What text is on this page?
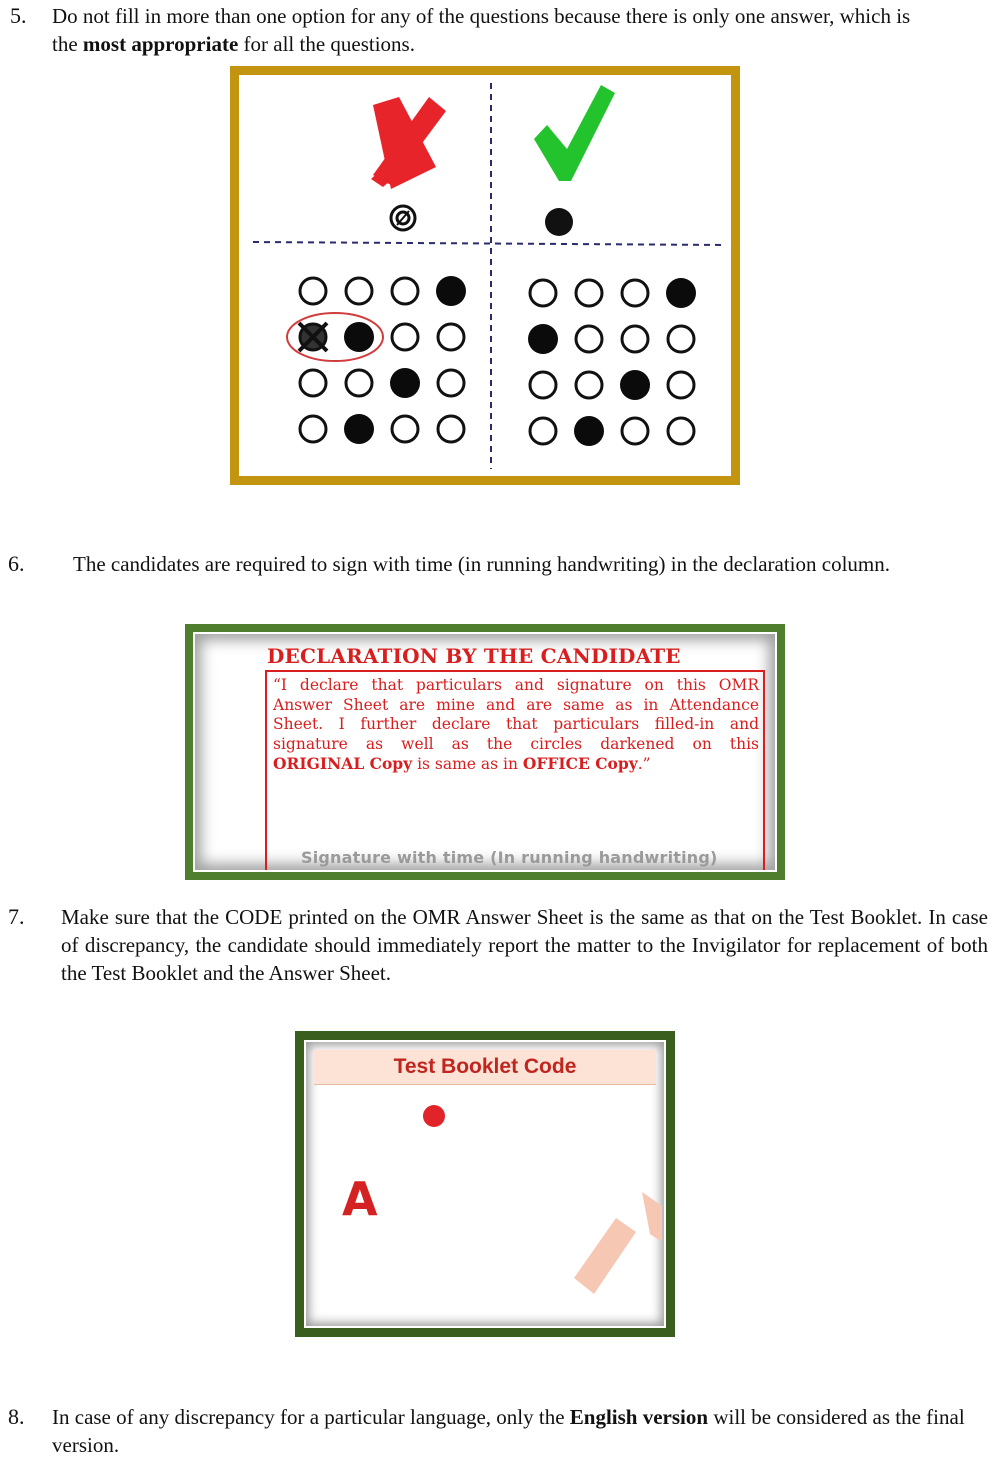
5. Do not fill in more than one option for any of the questions because there is only one answer, which is the most appropriate for all the questions.
6. The candidates are required to sign with time (in running handwriting) in the declaration column.
DECLARATION BY THE CANDIDATE
“I declare that particulars and signature on this OMR
Answer Sheet are mine and are same as in Attendance
Sheet. I further declare that particulars filled-in and
signature as well as the circles darkened on this
ORIGINAL Copy is same as in OFFICE Copy.”
Signature with time (In running handwriting)
7. Make sure that the CODE printed on the OMR Answer Sheet is the same as that on the Test Booklet. In case of discrepancy, the candidate should immediately report the matter to the Invigilator for replacement of both the Test Booklet and the Answer Sheet.
Test Booklet Code
A
8. In case of any discrepancy for a particular language, only the English version will be considered as the final version.
